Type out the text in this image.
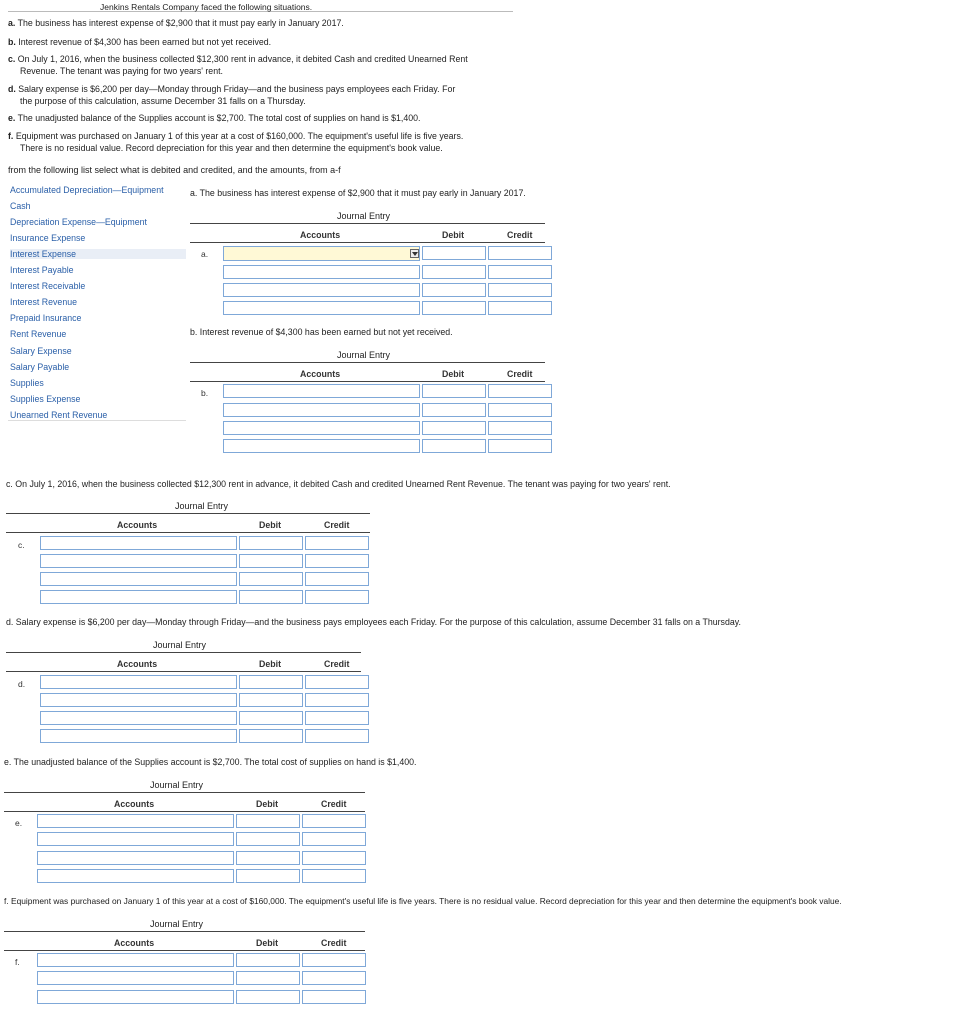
Jenkins Rentals Company faced the following situations.
a. The business has interest expense of $2,900 that it must pay early in January 2017.
b. Interest revenue of $4,300 has been earned but not yet received.
c. On July 1, 2016, when the business collected $12,300 rent in advance, it debited Cash and credited Unearned Rent
Revenue. The tenant was paying for two years' rent.
d. Salary expense is $6,200 per day—Monday through Friday—and the business pays employees each Friday. For
the purpose of this calculation, assume December 31 falls on a Thursday.
e. The unadjusted balance of the Supplies account is $2,700. The total cost of supplies on hand is $1,400.
f. Equipment was purchased on January 1 of this year at a cost of $160,000. The equipment's useful life is five years.
There is no residual value. Record depreciation for this year and then determine the equipment's book value.
from the following list select what is debited and credited, and the amounts, from a-f
Accumulated Depreciation—Equipment
Cash
Depreciation Expense—Equipment
Insurance Expense
Interest Expense
Interest Payable
Interest Receivable
Interest Revenue
Prepaid Insurance
Rent Revenue
Salary Expense
Salary Payable
Supplies
Supplies Expense
Unearned Rent Revenue
a. The business has interest expense of $2,900 that it must pay early in January 2017.
Journal Entry
Accounts	Debit	Credit
a.
b. Interest revenue of $4,300 has been earned but not yet received.
Journal Entry
Accounts	Debit	Credit
b.
c. On July 1, 2016, when the business collected $12,300 rent in advance, it debited Cash and credited Unearned Rent Revenue. The tenant was paying for two years' rent.
Journal Entry
Accounts	Debit	Credit
c.
d. Salary expense is $6,200 per day—Monday through Friday—and the business pays employees each Friday. For the purpose of this calculation, assume December 31 falls on a Thursday.
Journal Entry
Accounts	Debit	Credit
d.
e. The unadjusted balance of the Supplies account is $2,700. The total cost of supplies on hand is $1,400.
Journal Entry
Accounts	Debit	Credit
e.
f. Equipment was purchased on January 1 of this year at a cost of $160,000. The equipment's useful life is five years. There is no residual value. Record depreciation for this year and then determine the equipment's book value.
Journal Entry
Accounts	Debit	Credit
f.
